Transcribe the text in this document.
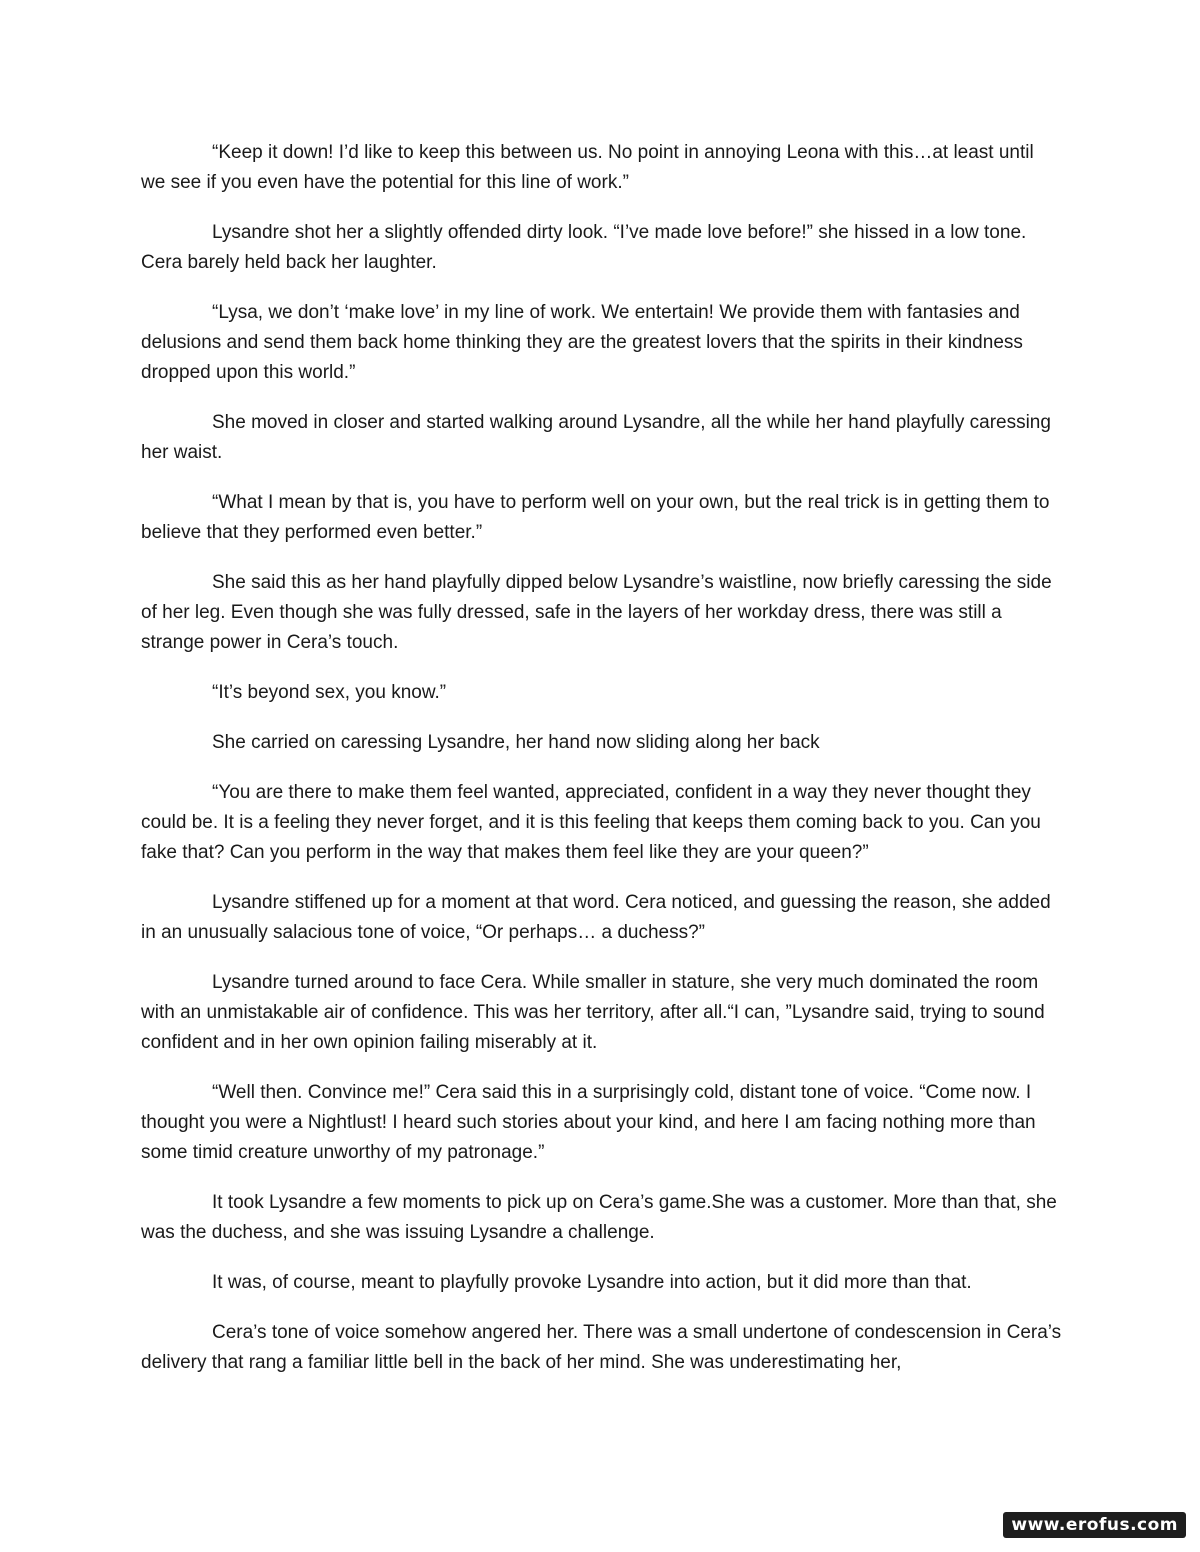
“Keep it down! I’d like to keep this between us. No point in annoying Leona with this…at least until we see if you even have the potential for this line of work.”

Lysandre shot her a slightly offended dirty look. “I’ve made love before!” she hissed in a low tone. Cera barely held back her laughter.

“Lysa, we don’t ‘make love’ in my line of work. We entertain! We provide them with fantasies and delusions and send them back home thinking they are the greatest lovers that the spirits in their kindness dropped upon this world.”

She moved in closer and started walking around Lysandre, all the while her hand playfully caressing her waist.

“What I mean by that is, you have to perform well on your own, but the real trick is in getting them to believe that they performed even better.”

She said this as her hand playfully dipped below Lysandre’s waistline, now briefly caressing the side of her leg. Even though she was fully dressed, safe in the layers of her workday dress, there was still a strange power in Cera’s touch.

“It’s beyond sex, you know.”

She carried on caressing Lysandre, her hand now sliding along her back

“You are there to make them feel wanted, appreciated, confident in a way they never thought they could be. It is a feeling they never forget, and it is this feeling that keeps them coming back to you. Can you fake that? Can you perform in the way that makes them feel like they are your queen?”

Lysandre stiffened up for a moment at that word. Cera noticed, and guessing the reason, she added in an unusually salacious tone of voice, “Or perhaps… a duchess?”

Lysandre turned around to face Cera. While smaller in stature, she very much dominated the room with an unmistakable air of confidence. This was her territory, after all.“I can, ”Lysandre said, trying to sound confident and in her own opinion failing miserably at it.

“Well then. Convince me!” Cera said this in a surprisingly cold, distant tone of voice. “Come now. I thought you were a Nightlust! I heard such stories about your kind, and here I am facing nothing more than some timid creature unworthy of my patronage.”

It took Lysandre a few moments to pick up on Cera’s game.She was a customer. More than that, she was the duchess, and she was issuing Lysandre a challenge.

It was, of course, meant to playfully provoke Lysandre into action, but it did more than that.

Cera’s tone of voice somehow angered her. There was a small undertone of condescension in Cera’s delivery that rang a familiar little bell in the back of her mind. She was underestimating her,

www.erofus.com
